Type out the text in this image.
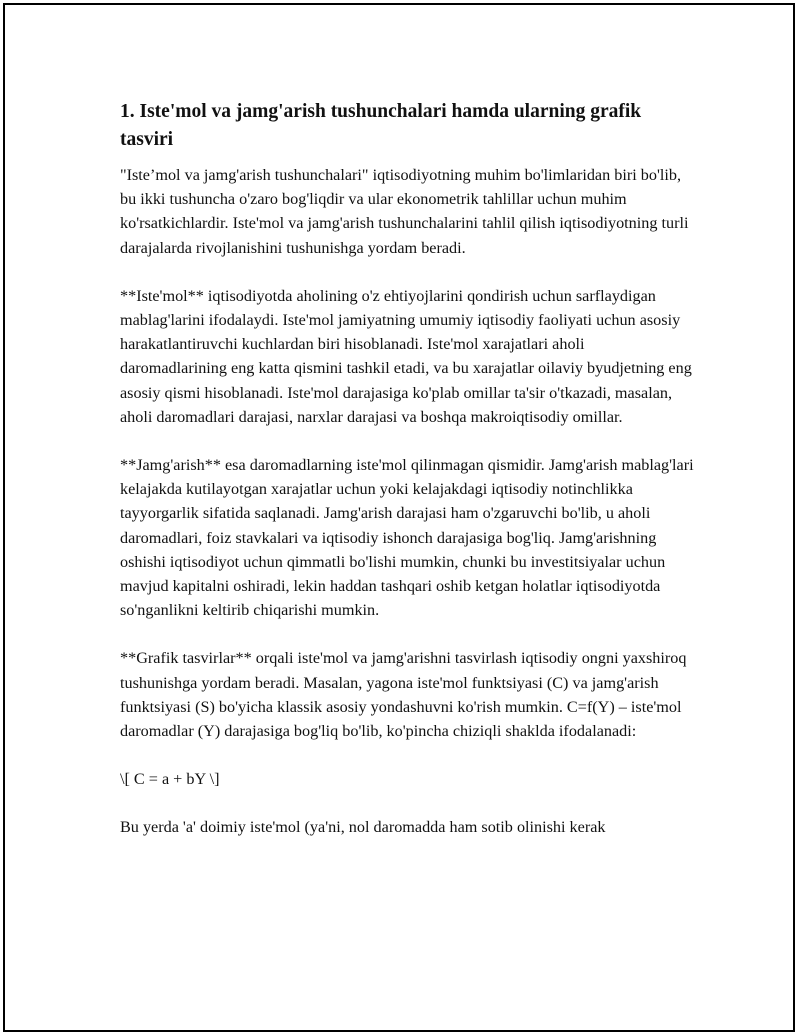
1. Iste'mol va jamg'arish tushunchalari hamda ularning grafik tasviri
"Iste’mol va jamg'arish tushunchalari" iqtisodiyotning muhim bo'limlaridan biri bo'lib, bu ikki tushuncha o'zaro bog'liqdir va ular ekonometrik tahlillar uchun muhim ko'rsatkichlardir. Iste'mol va jamg'arish tushunchalarini tahlil qilish iqtisodiyotning turli darajalarda rivojlanishini tushunishga yordam beradi.
**Iste'mol** iqtisodiyotda aholining o'z ehtiyojlarini qondirish uchun sarflaydigan mablag'larini ifodalaydi. Iste'mol jamiyatning umumiy iqtisodiy faoliyati uchun asosiy harakatlantiruvchi kuchlardan biri hisoblanadi. Iste'mol xarajatlari aholi daromadlarining eng katta qismini tashkil etadi, va bu xarajatlar oilaviy byudjetning eng asosiy qismi hisoblanadi. Iste'mol darajasiga ko'plab omillar ta'sir o'tkazadi, masalan, aholi daromadlari darajasi, narxlar darajasi va boshqa makroiqtisodiy omillar.
**Jamg'arish** esa daromadlarning iste'mol qilinmagan qismidir. Jamg'arish mablag'lari kelajakda kutilayotgan xarajatlar uchun yoki kelajakdagi iqtisodiy notinchlikka tayyorgarlik sifatida saqlanadi. Jamg'arish darajasi ham o'zgaruvchi bo'lib, u aholi daromadlari, foiz stavkalari va iqtisodiy ishonch darajasiga bog'liq. Jamg'arishning oshishi iqtisodiyot uchun qimmatli bo'lishi mumkin, chunki bu investitsiyalar uchun mavjud kapitalni oshiradi, lekin haddan tashqari oshib ketgan holatlar iqtisodiyotda so'nganlikni keltirib chiqarishi mumkin.
**Grafik tasvirlar** orqali iste'mol va jamg'arishni tasvirlash iqtisodiy ongni yaxshiroq tushunishga yordam beradi. Masalan, yagona iste'mol funktsiyasi (C) va jamg'arish funktsiyasi (S) bo'yicha klassik asosiy yondashuvni ko'rish mumkin. C=f(Y) – iste'mol daromadlar (Y) darajasiga bog'liq bo'lib, ko'pincha chiziqli shaklda ifodalanadi:
\[ C = a + bY \]
Bu yerda 'a' doimiy iste'mol (ya'ni, nol daromadda ham sotib olinishi kerak
